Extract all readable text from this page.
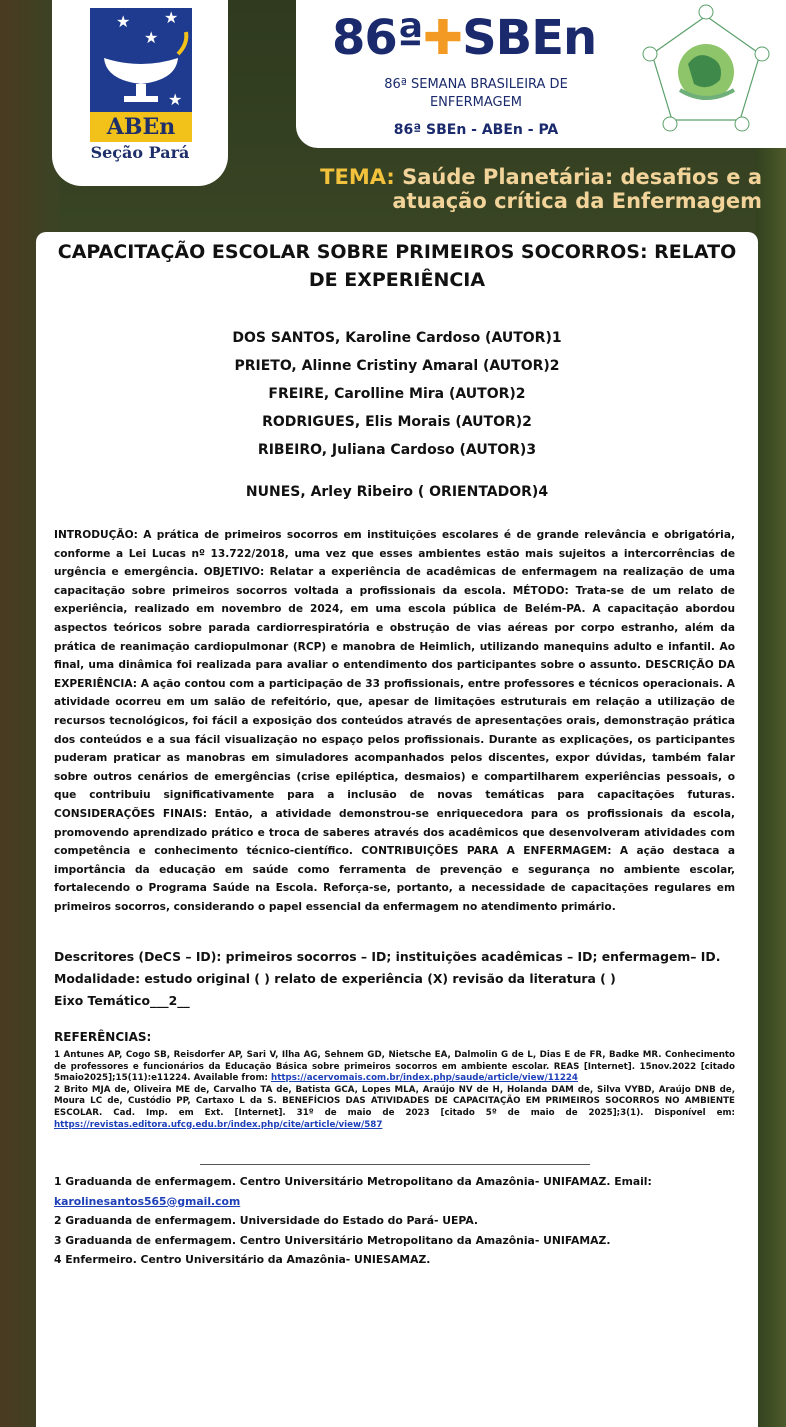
★ ★
★
★
ABEn
Seção Pará
86ª✚SBEn
86ª SEMANA BRASILEIRA DE ENFERMAGEM
86ª SBEn - ABEn - PA
TEMA: Saúde Planetária: desafios e a atuação crítica da Enfermagem
CAPACITAÇÃO ESCOLAR SOBRE PRIMEIROS SOCORROS: RELATO DE EXPERIÊNCIA
DOS SANTOS, Karoline Cardoso (AUTOR)1
PRIETO, Alinne Cristiny Amaral (AUTOR)2
FREIRE, Carolline Mira (AUTOR)2
RODRIGUES, Elis Morais (AUTOR)2
RIBEIRO, Juliana Cardoso (AUTOR)3
NUNES, Arley Ribeiro ( ORIENTADOR)4
INTRODUÇÃO: A prática de primeiros socorros em instituições escolares é de grande relevância e obrigatória, conforme a Lei Lucas nº 13.722/2018, uma vez que esses ambientes estão mais sujeitos a intercorrências de urgência e emergência. OBJETIVO: Relatar a experiência de acadêmicas de enfermagem na realização de uma capacitação sobre primeiros socorros voltada a profissionais da escola. MÉTODO: Trata-se de um relato de experiência, realizado em novembro de 2024, em uma escola pública de Belém-PA. A capacitação abordou aspectos teóricos sobre parada cardiorrespiratória e obstrução de vias aéreas por corpo estranho, além da prática de reanimação cardiopulmonar (RCP) e manobra de Heimlich, utilizando manequins adulto e infantil. Ao final, uma dinâmica foi realizada para avaliar o entendimento dos participantes sobre o assunto. DESCRIÇÃO DA EXPERIÊNCIA: A ação contou com a participação de 33 profissionais, entre professores e técnicos operacionais. A atividade ocorreu em um salão de refeitório, que, apesar de limitações estruturais em relação a utilização de recursos tecnológicos, foi fácil a exposição dos conteúdos através de apresentações orais, demonstração prática dos conteúdos e a sua fácil visualização no espaço pelos profissionais. Durante as explicações, os participantes puderam praticar as manobras em simuladores acompanhados pelos discentes, expor dúvidas, também falar sobre outros cenários de emergências (crise epiléptica, desmaios) e compartilharem experiências pessoais, o que contribuiu significativamente para a inclusão de novas temáticas para capacitações futuras. CONSIDERAÇÕES FINAIS: Então, a atividade demonstrou-se enriquecedora para os profissionais da escola, promovendo aprendizado prático e troca de saberes através dos acadêmicos que desenvolveram atividades com competência e conhecimento técnico-científico. CONTRIBUIÇÕES PARA A ENFERMAGEM: A ação destaca a importância da educação em saúde como ferramenta de prevenção e segurança no ambiente escolar, fortalecendo o Programa Saúde na Escola. Reforça-se, portanto, a necessidade de capacitações regulares em primeiros socorros, considerando o papel essencial da enfermagem no atendimento primário.
Descritores (DeCS – ID): primeiros socorros – ID; instituições acadêmicas – ID; enfermagem– ID.
Modalidade: estudo original ( ) relato de experiência (X) revisão da literatura ( )
Eixo Temático___2__
REFERÊNCIAS:
1 Antunes AP, Cogo SB, Reisdorfer AP, Sari V, Ilha AG, Sehnem GD, Nietsche EA, Dalmolin G de L, Dias E de FR, Badke MR. Conhecimento de professores e funcionários da Educação Básica sobre primeiros socorros em ambiente escolar. REAS [Internet]. 15nov.2022 [citado 5maio2025];15(11):e11224. Available from: https://acervomais.com.br/index.php/saude/article/view/11224
2 Brito MJA de, Oliveira ME de, Carvalho TA de, Batista GCA, Lopes MLA, Araújo NV de H, Holanda DAM de, Silva VYBD, Araújo DNB de, Moura LC de, Custódio PP, Cartaxo L da S. BENEFÍCIOS DAS ATIVIDADES DE CAPACITAÇÃO EM PRIMEIROS SOCORROS NO AMBIENTE ESCOLAR. Cad. Imp. em Ext. [Internet]. 31º de maio de 2023 [citado 5º de maio de 2025];3(1). Disponível em: https://revistas.editora.ufcg.edu.br/index.php/cite/article/view/587
1 Graduanda de enfermagem. Centro Universitário Metropolitano da Amazônia- UNIFAMAZ. Email:
karolinesantos565@gmail.com
2 Graduanda de enfermagem. Universidade do Estado do Pará- UEPA.
3 Graduanda de enfermagem. Centro Universitário Metropolitano da Amazônia- UNIFAMAZ.
4 Enfermeiro. Centro Universitário da Amazônia- UNIESAMAZ.
